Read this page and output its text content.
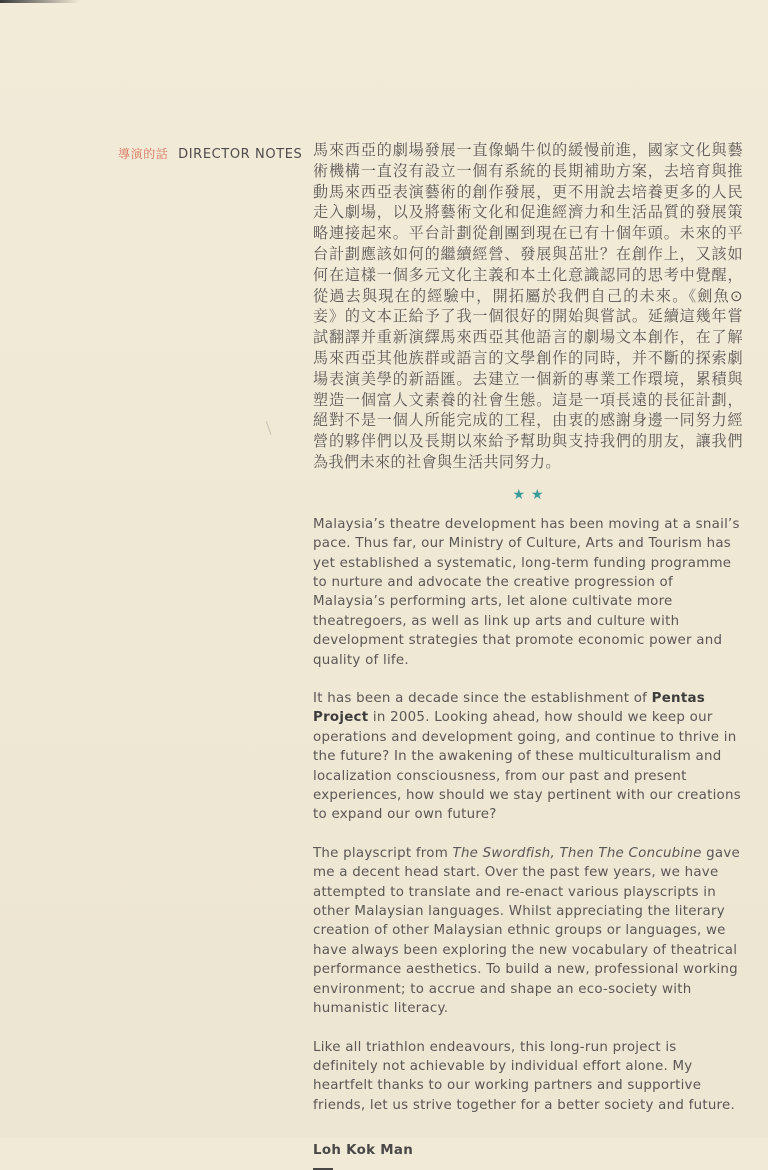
導演的話 DIRECTOR NOTES 馬來西亞的劇場發展一直像蝸牛似的緩慢前進，國家文化與藝術機構一直沒有設立一個有系統的長期補助方案，去培育與推動馬來西亞表演藝術的創作發展，更不用說去培養更多的人民走入劇場，以及將藝術文化和促進經濟力和生活品質的發展策略連接起來。平台計劃從創團到現在已有十個年頭。未來的平台計劃應該如何的繼續經營、發展與茁壯？在創作上，又該如何在這樣一個多元文化主義和本土化意識認同的思考中覺醒，從過去與現在的經驗中，開拓屬於我們自己的未來。《劍魚⊙妾》的文本正給予了我一個很好的開始與嘗試。延續這幾年嘗試翻譯并重新演繹馬來西亞其他語言的劇場文本創作，在了解馬來西亞其他族群或語言的文學創作的同時，并不斷的探索劇場表演美學的新語匯。去建立一個新的專業工作環境，累積與塑造一個富人文素養的社會生態。這是一項長遠的長征計劃，絕對不是一個人所能完成的工程，由衷的感謝身邊一同努力經營的夥伴們以及長期以來給予幫助與支持我們的朋友，讓我們為我們未來的社會與生活共同努力。

★★

Malaysia’s theatre development has been moving at a snail’s pace. Thus far, our Ministry of Culture, Arts and Tourism has yet established a systematic, long-term funding programme to nurture and advocate the creative progression of Malaysia’s performing arts, let alone cultivate more theatregoers, as well as link up arts and culture with development strategies that promote economic power and quality of life.

It has been a decade since the establishment of Pentas Project in 2005. Looking ahead, how should we keep our operations and development going, and continue to thrive in the future? In the awakening of these multiculturalism and localization consciousness, from our past and present experiences, how should we stay pertinent with our creations to expand our own future?

The playscript from The Swordfish, Then The Concubine gave me a decent head start. Over the past few years, we have attempted to translate and re-enact various playscripts in other Malaysian languages. Whilst appreciating the literary creation of other Malaysian ethnic groups or languages, we have always been exploring the new vocabulary of theatrical performance aesthetics. To build a new, professional working environment; to accrue and shape an eco-society with humanistic literacy.

Like all triathlon endeavours, this long-run project is definitely not achievable by individual effort alone. My heartfelt thanks to our working partners and supportive friends, let us strive together for a better society and future.

Loh Kok Man
